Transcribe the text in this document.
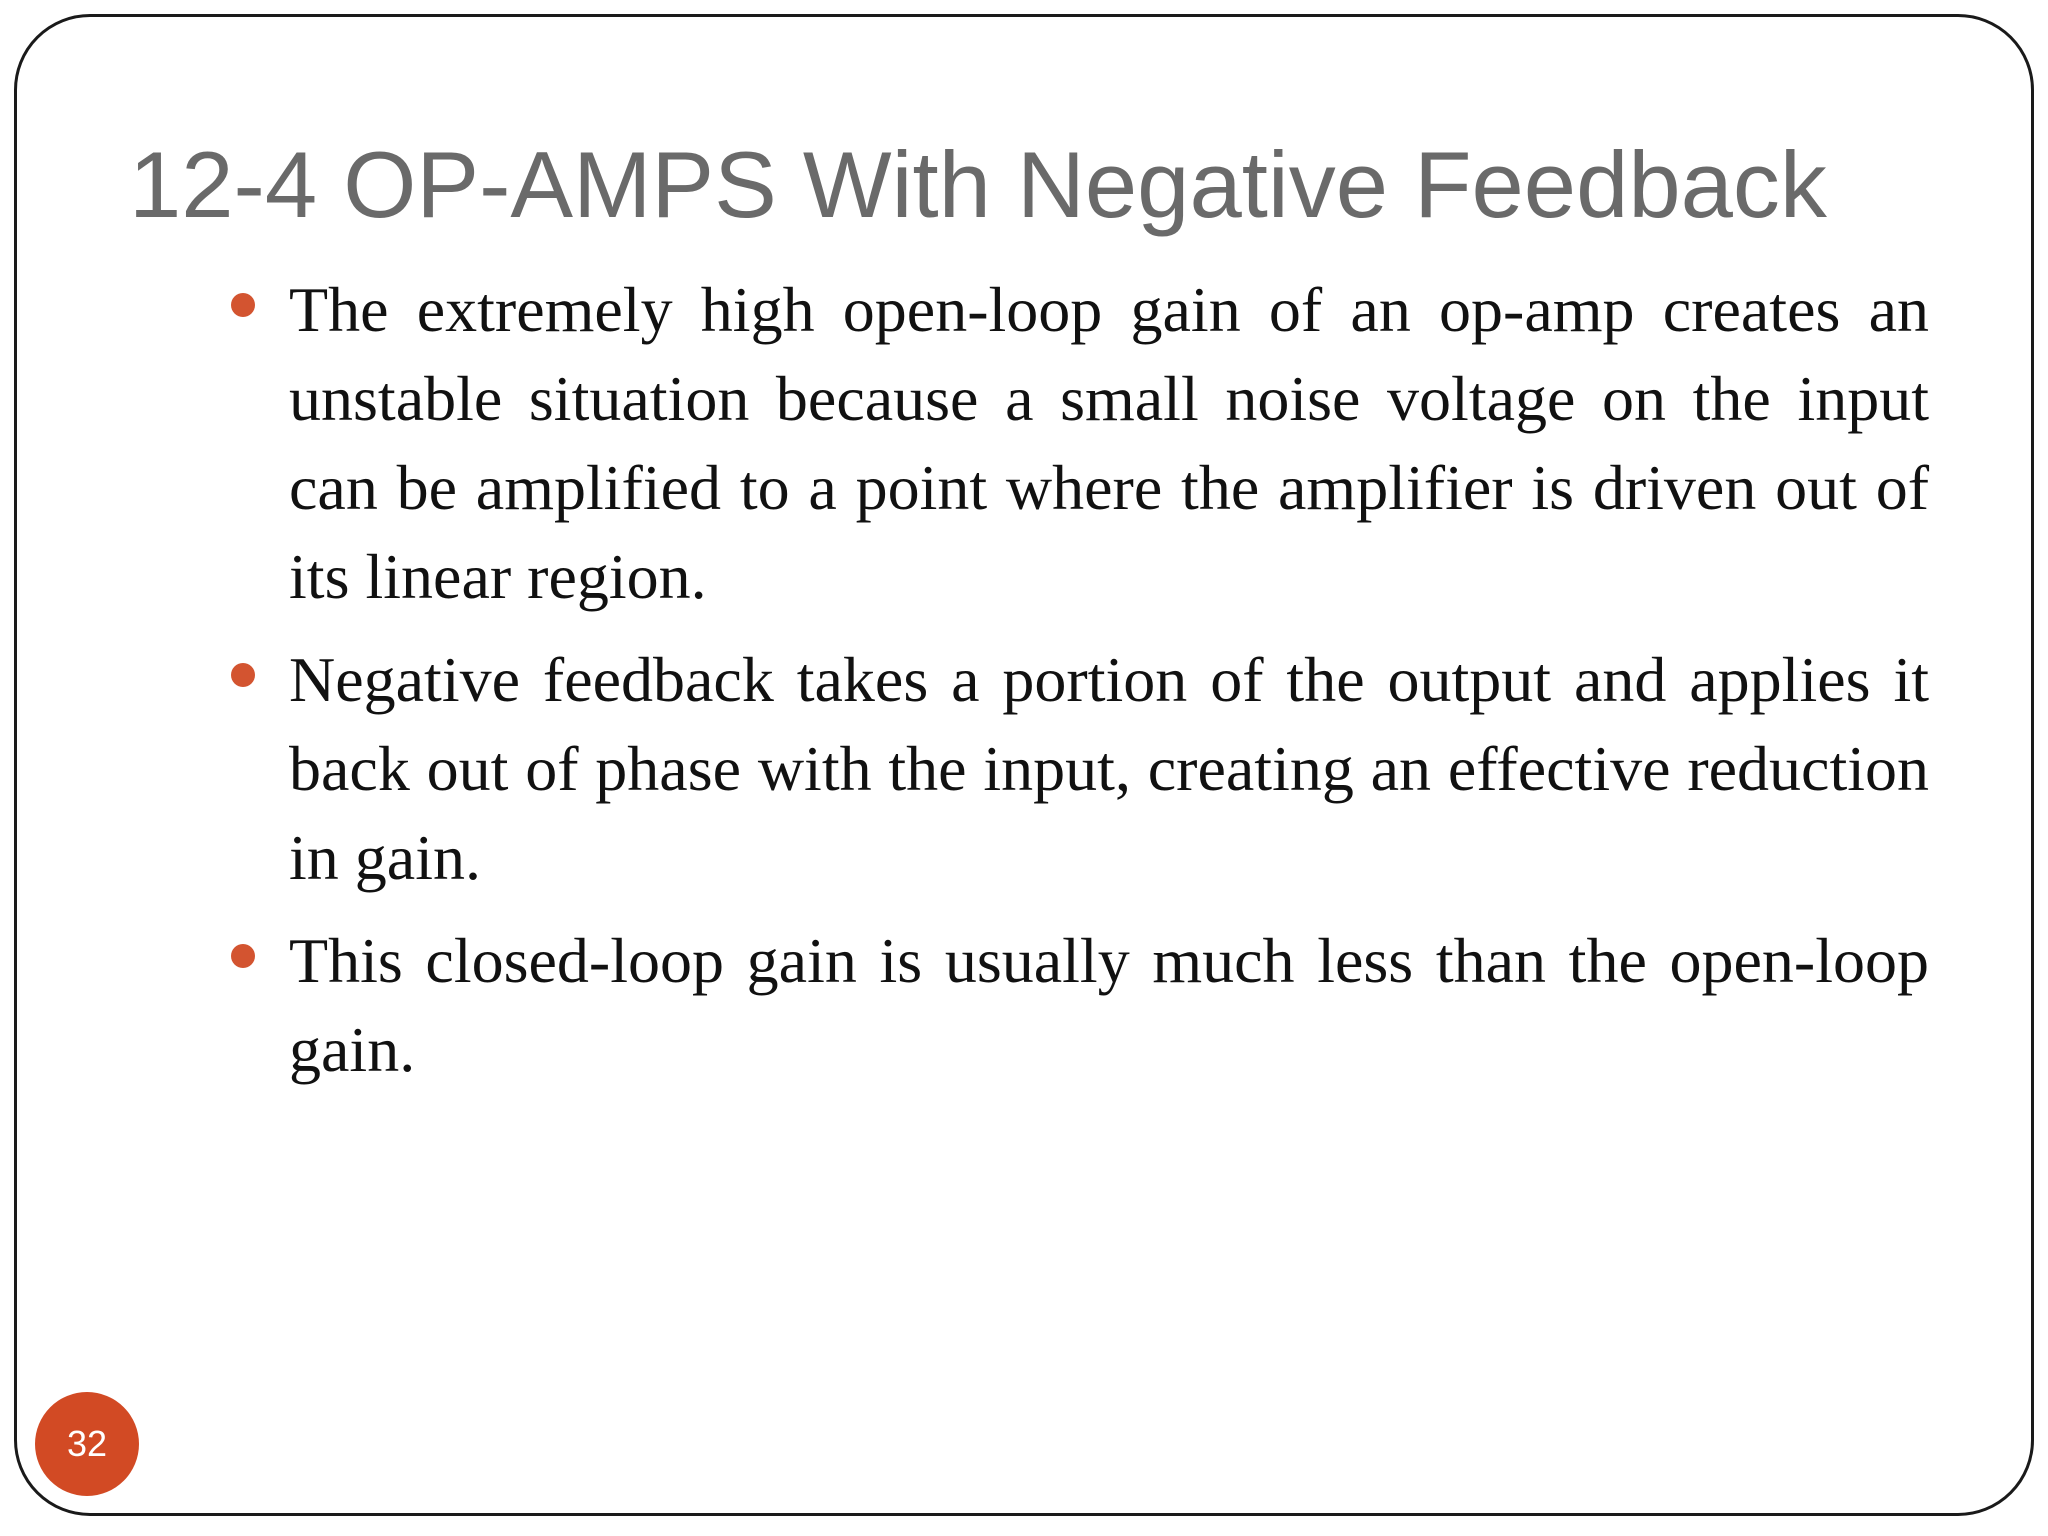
12-4 OP-AMPS With Negative Feedback
The extremely high open-loop gain of an op-amp creates an unstable situation because a small noise voltage on the input can be amplified to a point where the amplifier is driven out of its linear region.
Negative feedback takes a portion of the output and applies it back out of phase with the input, creating an effective reduction in gain.
This closed-loop gain is usually much less than the open-loop gain.
32
